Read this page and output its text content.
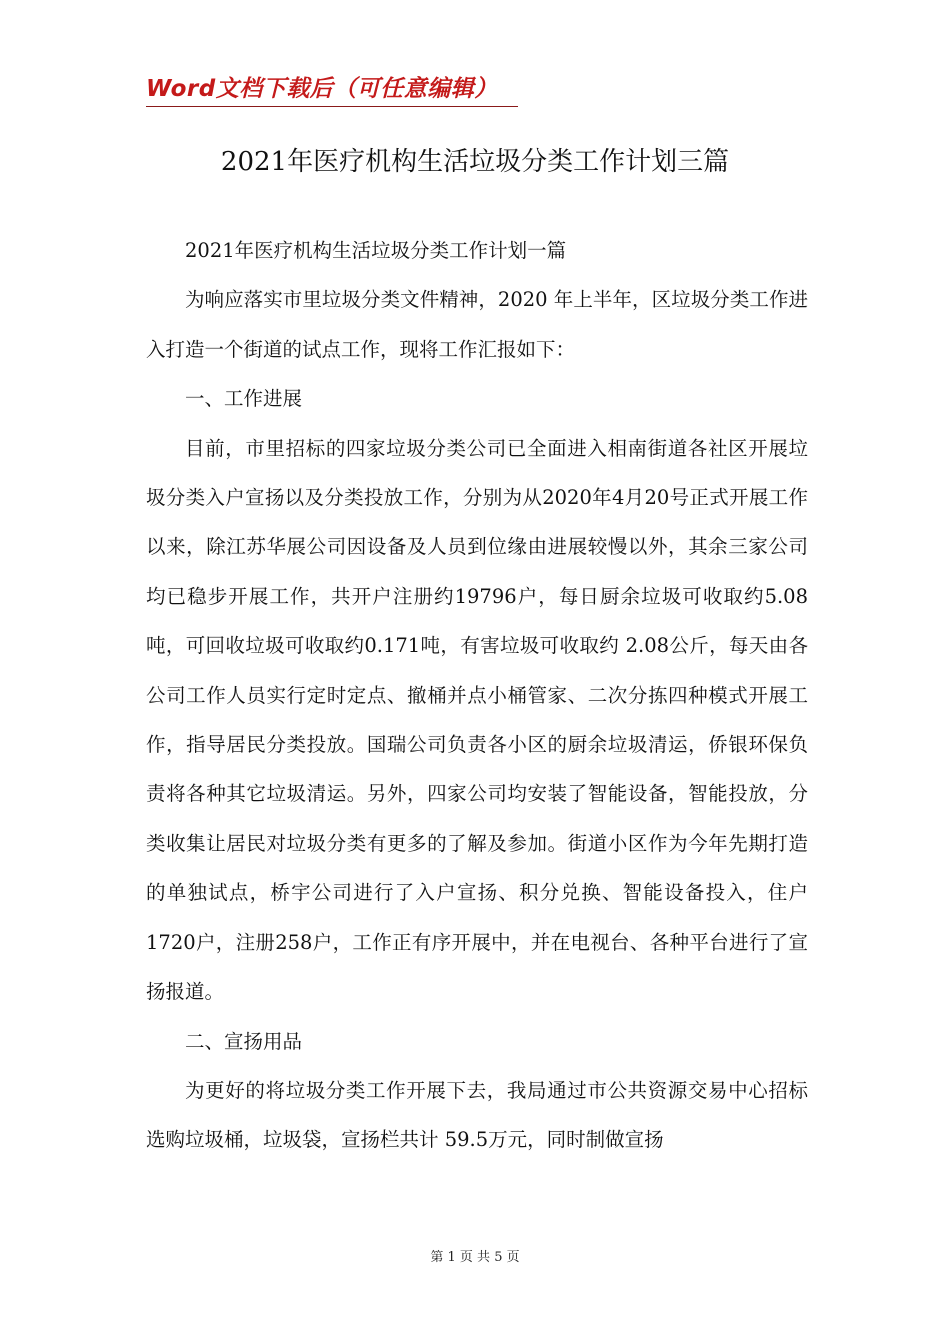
Word文档下载后（可任意编辑）
2021年医疗机构生活垃圾分类工作计划三篇

2021年医疗机构生活垃圾分类工作计划一篇

为响应落实市里垃圾分类文件精神，2020 年上半年，区垃圾分类工作进入打造一个街道的试点工作，现将工作汇报如下：

一、工作进展

目前，市里招标的四家垃圾分类公司已全面进入相南街道各社区开展垃圾分类入户宣扬以及分类投放工作，分别为从2020年4月20号正式开展工作以来，除江苏华展公司因设备及人员到位缘由进展较慢以外，其余三家公司均已稳步开展工作，共开户注册约19796户，每日厨余垃圾可收取约5.08吨，可回收垃圾可收取约0.171吨，有害垃圾可收取约 2.08公斤，每天由各公司工作人员实行定时定点、撤桶并点小桶管家、二次分拣四种模式开展工作，指导居民分类投放。国瑞公司负责各小区的厨余垃圾清运，侨银环保负责将各种其它垃圾清运。另外，四家公司均安装了智能设备，智能投放，分类收集让居民对垃圾分类有更多的了解及参加。街道小区作为今年先期打造的单独试点，桥宇公司进行了入户宣扬、积分兑换、智能设备投入，住户1720户，注册258户，工作正有序开展中，并在电视台、各种平台进行了宣扬报道。

二、宣扬用品

为更好的将垃圾分类工作开展下去，我局通过市公共资源交易中心招标选购垃圾桶，垃圾袋，宣扬栏共计 59.5万元，同时制做宣扬

第 1 页 共 5 页
